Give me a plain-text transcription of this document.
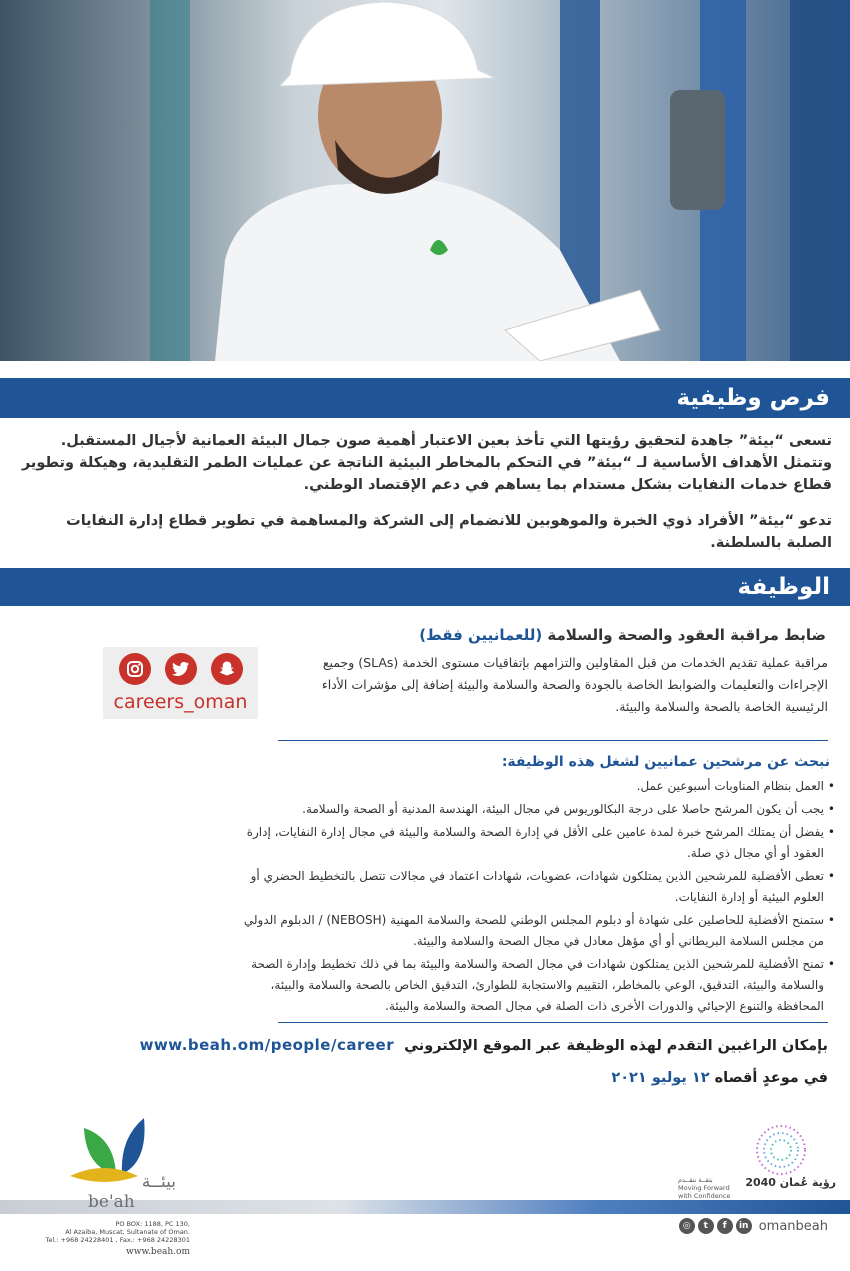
فرص وظيفية
تسعى “بيئة” جاهدة لتحقيق رؤيتها التي تأخذ بعين الاعتبار أهمية صون جمال البيئة العمانية لأجيال المستقبل. وتتمثل الأهداف الأساسية لـ “بيئة” في التحكم بالمخاطر البيئية الناتجة عن عمليات الطمر التقليدية، وهيكلة وتطوير قطاع خدمات النفايات بشكل مستدام بما يساهم في دعم الإقتصاد الوطني.
تدعو “بيئة” الأفراد ذوي الخبرة والموهوبين للانضمام إلى الشركة والمساهمة في تطوير قطاع إدارة النفايات الصلبة بالسلطنة.
الوظيفة
ضابط مراقبة العقود والصحة والسلامة (للعمانيين فقط)
مراقبة عملية تقديم الخدمات من قبل المقاولين والتزامهم بإتفاقيات مستوى الخدمة (SLAs) وجميع الإجراءات والتعليمات والضوابط الخاصة بالجودة والصحة والسلامة والبيئة إضافة إلى مؤشرات الأداء الرئيسية الخاصة بالصحة والسلامة والبيئة.
careers_oman
نبحث عن مرشحين عمانيين لشغل هذه الوظيفة:
• العمل بنظام المناوبات أسبوعين عمل.
• يجب أن يكون المرشح حاصلا على درجة البكالوريوس في مجال البيئة، الهندسة المدنية أو الصحة والسلامة.
• يفضل أن يمتلك المرشح خبرة لمدة عامين على الأقل في إدارة الصحة والسلامة والبيئة في مجال إدارة النفايات، إدارة العقود أو أي مجال ذي صلة.
• تعطى الأفضلية للمرشحين الذين يمتلكون شهادات، عضويات، شهادات اعتماد في مجالات تتصل بالتخطيط الحضري أو العلوم البيئية أو إدارة النفايات.
• ستمنح الأفضلية للحاصلين على شهادة أو دبلوم المجلس الوطني للصحة والسلامة المهنية (NEBOSH) / الدبلوم الدولي من مجلس السلامة البريطاني أو أي مؤهل معادل في مجال الصحة والسلامة والبيئة.
• تمنح الأفضلية للمرشحين الذين يمتلكون شهادات في مجال الصحة والسلامة والبيئة بما في ذلك تخطيط وإدارة الصحة والسلامة والبيئة، التدقيق، الوعي بالمخاطر، التقييم والاستجابة للطوارئ، التدقيق الخاص بالصحة والسلامة والبيئة، المحافظة والتنوع الإحيائي والدورات الأخرى ذات الصلة في مجال الصحة والسلامة والبيئة.
بإمكان الراغبين التقدم لهذه الوظيفة عبر الموقع الإلكتروني
www.beah.om/people/career
في موعدٍ أقصاه ١٢ يوليو ٢٠٢١
بيئــة
be'ah
PO BOX: 1188, PC 130,
Al Azaiba, Muscat, Sultanate of Oman.
Tel.: +968 24228401 , Fax.: +968 24228301
www.beah.om
رؤية عُمان 2040
بثقــة نتقــدم
Moving Forward
with Confidence
◎	t	f	in omanbeah
